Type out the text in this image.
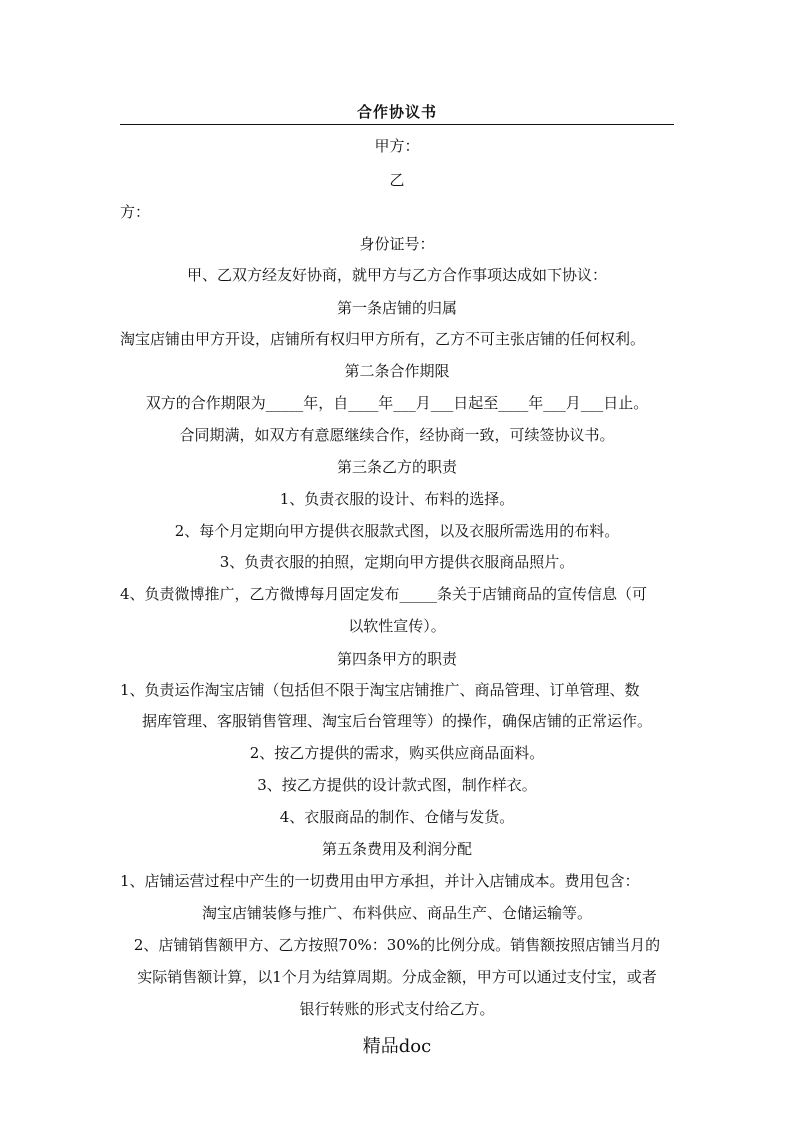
合作协议书
甲方：
乙
方：
身份证号：
甲、乙双方经友好协商，就甲方与乙方合作事项达成如下协议：
第一条店铺的归属
淘宝店铺由甲方开设，店铺所有权归甲方所有，乙方不可主张店铺的任何权利。
第二条合作期限
双方的合作期限为_____年，自____年___月___日起至____年___月___日止。
合同期满，如双方有意愿继续合作，经协商一致，可续签协议书。
第三条乙方的职责
1、负责衣服的设计、布料的选择。
2、每个月定期向甲方提供衣服款式图，以及衣服所需选用的布料。
3、负责衣服的拍照，定期向甲方提供衣服商品照片。
4、负责微博推广，乙方微博每月固定发布_____条关于店铺商品的宣传信息（可
以软性宣传）。
第四条甲方的职责
1、负责运作淘宝店铺（包括但不限于淘宝店铺推广、商品管理、订单管理、数
据库管理、客服销售管理、淘宝后台管理等）的操作，确保店铺的正常运作。
2、按乙方提供的需求，购买供应商品面料。
3、按乙方提供的设计款式图，制作样衣。
4、衣服商品的制作、仓储与发货。
第五条费用及利润分配
1、店铺运营过程中产生的一切费用由甲方承担，并计入店铺成本。费用包含：
淘宝店铺装修与推广、布料供应、商品生产、仓储运输等。
2、店铺销售额甲方、乙方按照70%：30%的比例分成。销售额按照店铺当月的
实际销售额计算，以1个月为结算周期。分成金额，甲方可以通过支付宝，或者
银行转账的形式支付给乙方。
精品doc
